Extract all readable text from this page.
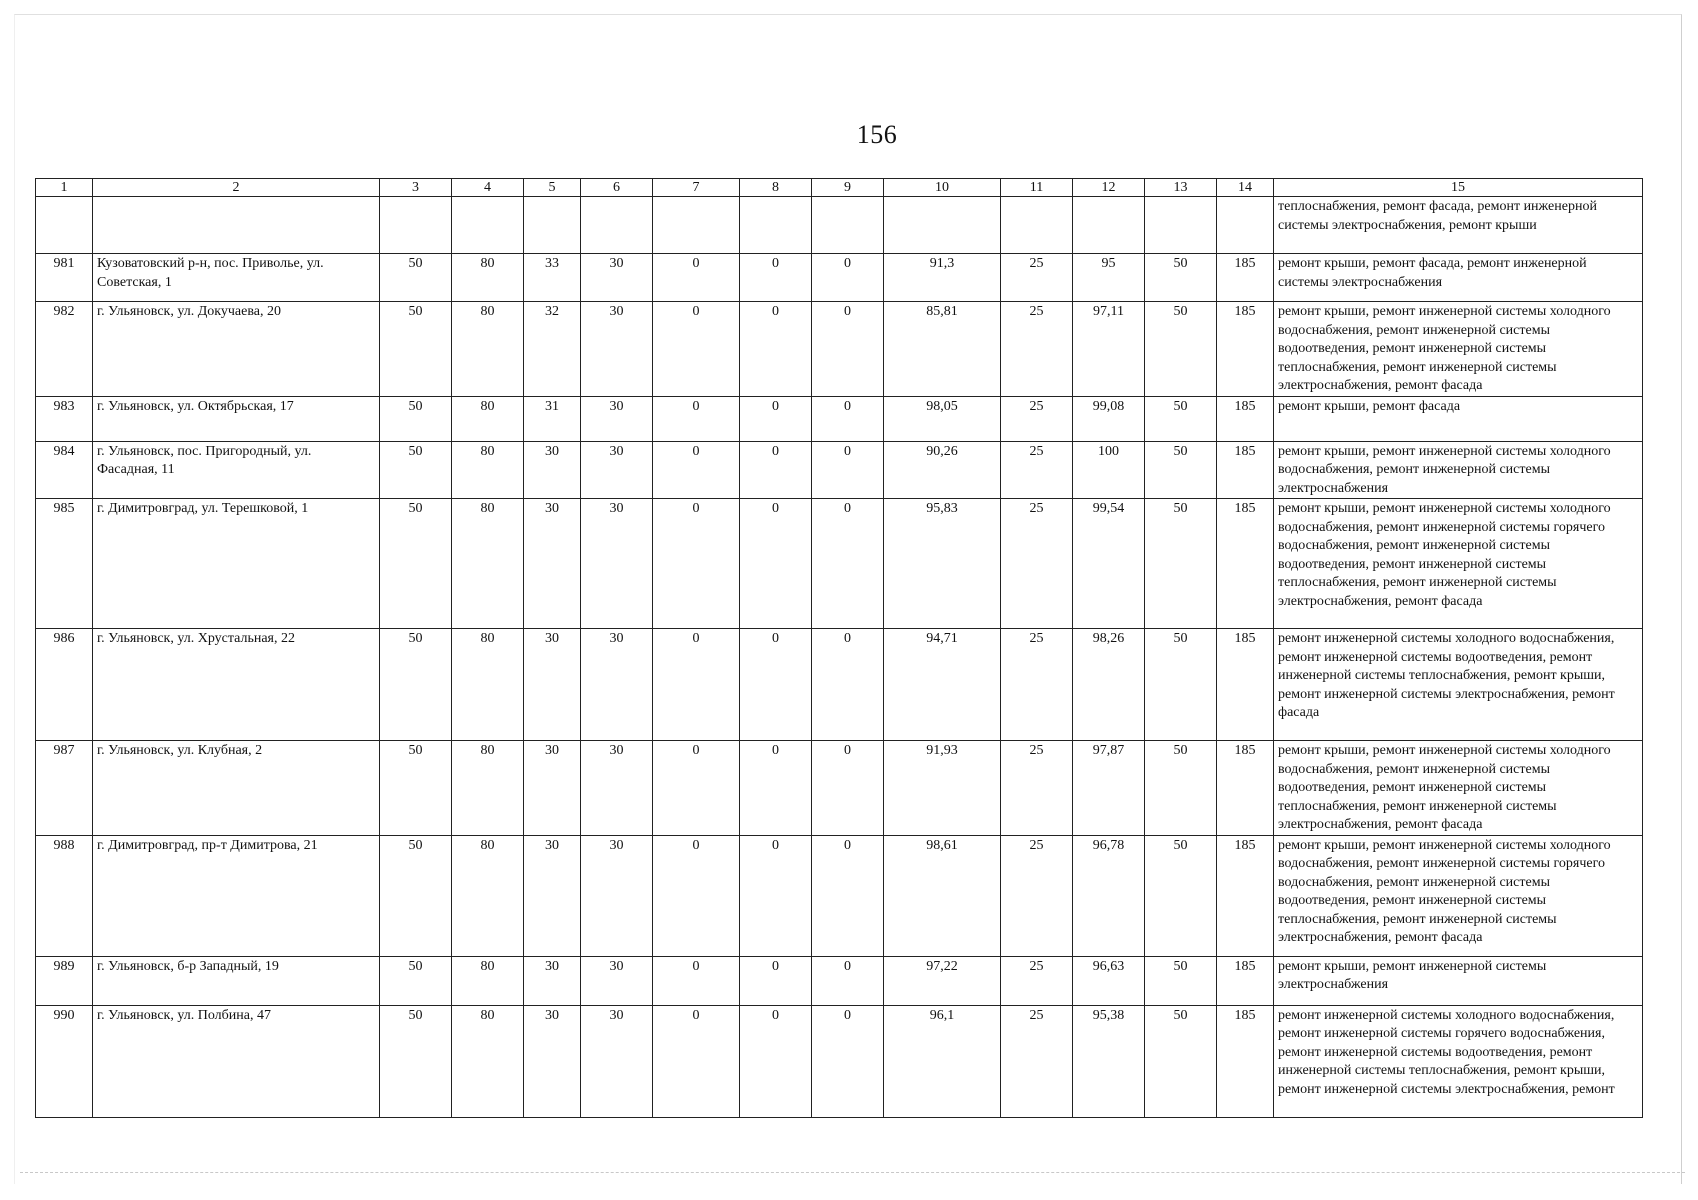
156
1	2	3	4	5	6	7	8	9	10	11	12	13	14	15
														теплоснабжения, ремонт фасада, ремонт инженерной системы электроснабжения, ремонт крыши
981	Кузоватовский р-н, пос. Приволье, ул. Советская, 1	50	80	33	30	0	0	0	91,3	25	95	50	185	ремонт крыши, ремонт фасада, ремонт инженерной системы электроснабжения
982	г. Ульяновск, ул. Докучаева, 20	50	80	32	30	0	0	0	85,81	25	97,11	50	185	ремонт крыши, ремонт инженерной системы холодного водоснабжения, ремонт инженерной системы водоотведения, ремонт инженерной системы теплоснабжения, ремонт инженерной системы электроснабжения, ремонт фасада
983	г. Ульяновск, ул. Октябрьская, 17	50	80	31	30	0	0	0	98,05	25	99,08	50	185	ремонт крыши, ремонт фасада
984	г. Ульяновск, пос. Пригородный, ул. Фасадная, 11	50	80	30	30	0	0	0	90,26	25	100	50	185	ремонт крыши, ремонт инженерной системы холодного водоснабжения, ремонт инженерной системы электроснабжения
985	г. Димитровград, ул. Терешковой, 1	50	80	30	30	0	0	0	95,83	25	99,54	50	185	ремонт крыши, ремонт инженерной системы холодного водоснабжения, ремонт инженерной системы горячего водоснабжения, ремонт инженерной системы водоотведения, ремонт инженерной системы теплоснабжения, ремонт инженерной системы электроснабжения, ремонт фасада
986	г. Ульяновск, ул. Хрустальная, 22	50	80	30	30	0	0	0	94,71	25	98,26	50	185	ремонт инженерной системы холодного водоснабжения, ремонт инженерной системы водоотведения, ремонт инженерной системы теплоснабжения, ремонт крыши, ремонт инженерной системы электроснабжения, ремонт фасада
987	г. Ульяновск, ул. Клубная, 2	50	80	30	30	0	0	0	91,93	25	97,87	50	185	ремонт крыши, ремонт инженерной системы холодного водоснабжения, ремонт инженерной системы водоотведения, ремонт инженерной системы теплоснабжения, ремонт инженерной системы электроснабжения, ремонт фасада
988	г. Димитровград, пр-т Димитрова, 21	50	80	30	30	0	0	0	98,61	25	96,78	50	185	ремонт крыши, ремонт инженерной системы холодного водоснабжения, ремонт инженерной системы горячего водоснабжения, ремонт инженерной системы водоотведения, ремонт инженерной системы теплоснабжения, ремонт инженерной системы электроснабжения, ремонт фасада
989	г. Ульяновск, б-р Западный, 19	50	80	30	30	0	0	0	97,22	25	96,63	50	185	ремонт крыши, ремонт инженерной системы электроснабжения
990	г. Ульяновск, ул. Полбина, 47	50	80	30	30	0	0	0	96,1	25	95,38	50	185	ремонт инженерной системы холодного водоснабжения, ремонт инженерной системы горячего водоснабжения, ремонт инженерной системы водоотведения, ремонт инженерной системы теплоснабжения, ремонт крыши, ремонт инженерной системы электроснабжения, ремонт
